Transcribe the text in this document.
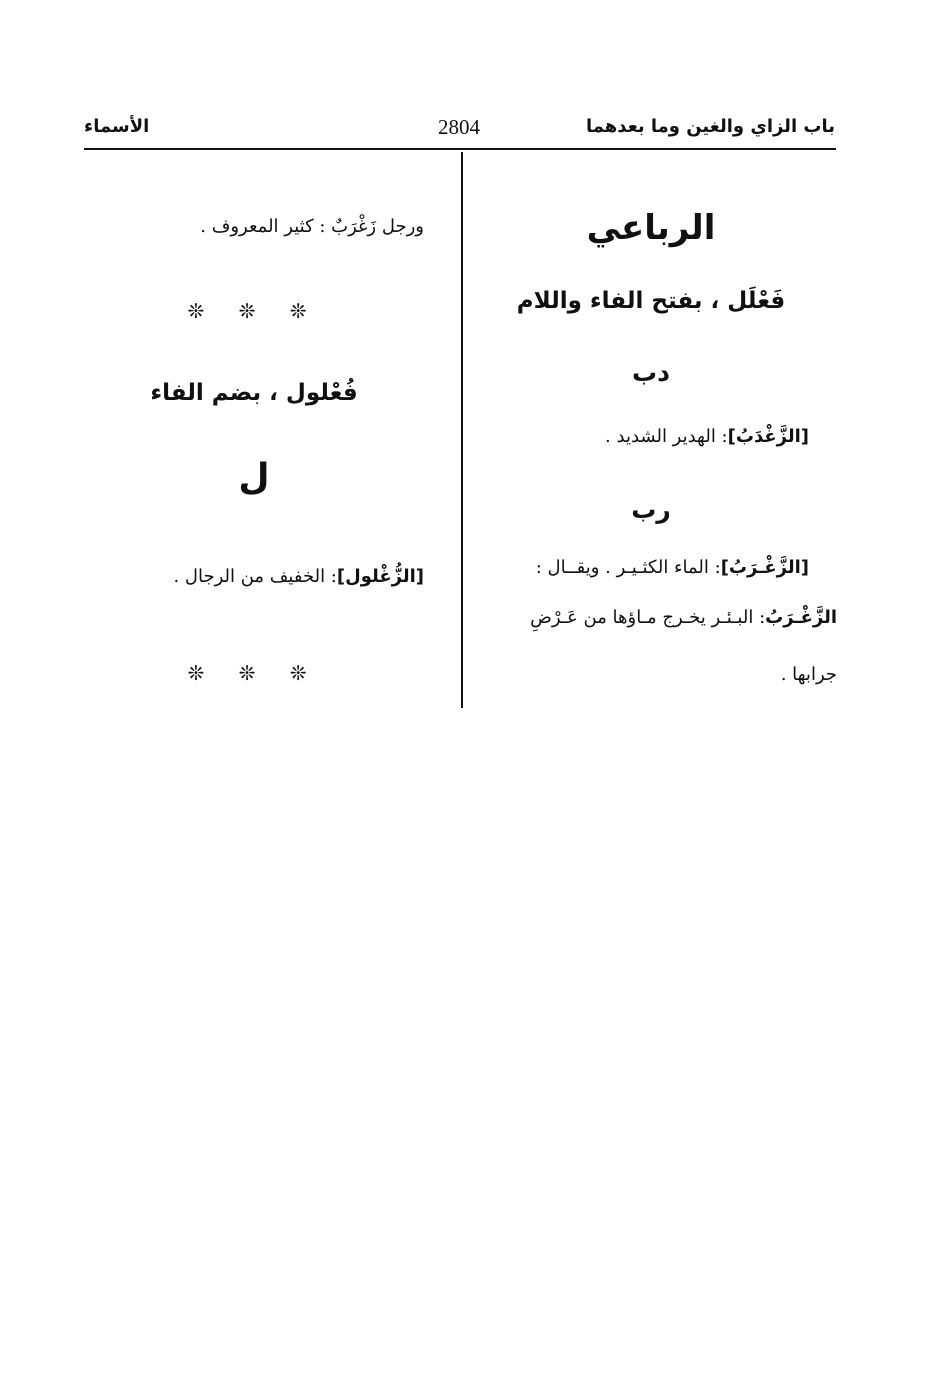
باب الزاي والغين وما بعدهما
2804
الأسماء
الرباعي
فَعْلَل ، بفتح الفاء واللام
دب
[الزَّغْدَبُ]: الهدير الشديد .
رب
[الزَّغْـرَبُ]: الماء الكثـيـر . ويقــال :
الزَّغْـرَبُ: البـئـر يخـرج مـاؤها من عَـرْضِ
جرابها .
ورجل زَغْرَبٌ : كثير المعروف .
❊ ❊ ❊
فُعْلول ، بضم الفاء
ل
[الزُّغْلول]: الخفيف من الرجال .
❊ ❊ ❊
